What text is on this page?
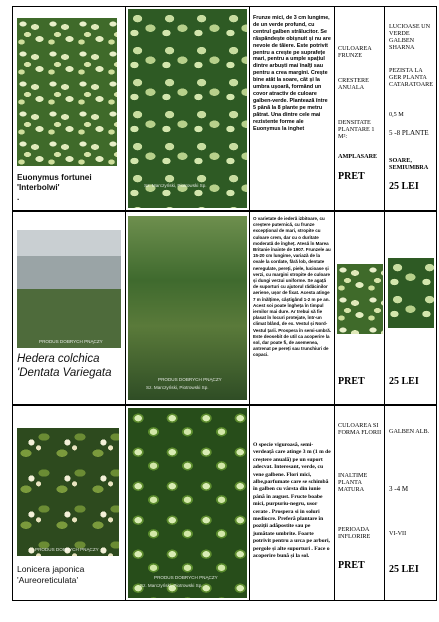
Euonymus fortunei 'Interbolwi'
.
Sz. Marczyński, Piotrowski Sp.
Frunze mici, de 3 cm lungime, de un verde profund, cu centrul galben strălucitor. Se răspândește obișnuit și nu are nevoie de tăiere. Este potrivit pentru a crește pe suprafețe mari, pentru a umple spațiul dintre arbuști mai înalți sau pentru a crea margini. Crește bine atât la soare, cât și la umbra ușoară, formând un covor atractiv de culoare galben-verde. Plantează între 5 până la 8 plante pe metru pătrat. Una dintre cele mai rezistente forme ale Euonymus la inghet
CULOAREA FRUNZE
CRESTERE ANUALA
DENSITATE PLANTARE 1 M²:
AMPLASARE
PRET
LUCIOASE UN VERDE GALBEN SHARNA
PEZISTA LA GER PLANTA CATARATOARE
0,5 M
5 -8 PLANTE
SOARE, SEMIUMBRA
25 LEI
PRODUS DOBRYCH PNĄCZY
Hedera colchica 'Dentata Variegata
PRODUS DOBRYCH PNĄCZY
Sz. Marczyński, Piotrowski Sp.
O varietate de iederă izbitoare, cu creștere puternică, cu frunze excepțional de mari, stropite cu culoare crem, dar cu o duritate moderată de îngheț. Atesă în Marea Britanie înainte de 1907. Frunzele au 15-20 cm lungime, variază de la ovale la cordate, fără lob, dentate neregulate, pereți, piele, lucioase și verzi, cu margini stropite de culoare și dungi verzui uniforme. Se agață de suporturi cu ajutorul rădăcinilor aeriene, ușor de fixat. Acesta atinge 7 m înălțime, câștigând 1-2 m pe an. Acest soi poate îngheța în timpul iernilor mai dure. Ar trebui să fie plasat în locuri protejate, într-un climat blând, de ex. Vestul și Nord-Vestul țarii. Prospera în semi-umbră. Este deosebit de util ca acoperire la sol, dar poate fi, de asemenea, antrenat pe pereți sau trunchiuri de copaci.
PRET	25 LEI
PRODUS DOBRYCH PNĄCZY
Lonicera japonica 'Aureoreticulata'	PRODUS DOBRYCH PNĄCZY
Sz. Marczyński, Piotrowski Sp.
O specie viguroasă, semi-verdeață care atinge 3 m (1 m de creștere anuală) pe un suport adecvat. Interesant, verde, cu vene galbene. Flori mici, albe,parfumate care se schimbă în galben cu vârsta din iunie până în august. Fructe boabe mici, purpuriu-negru, usor cerate . Prospera si in soluri mediocre. Preferă plantare în poziții adăpostite sau pe jumătate umbrite. Foarte potrivit pentru a urca pe arbori, pergole și alte suporturi . Face o acoperire bună și la sol.
CULOAREA SI FORMA FLORII
INALTIME PLANTA MATURA
PERIOADA INFLORIRE
PRET
GALBEN ALB.
3 -4 M
VI-VII
25 LEI
